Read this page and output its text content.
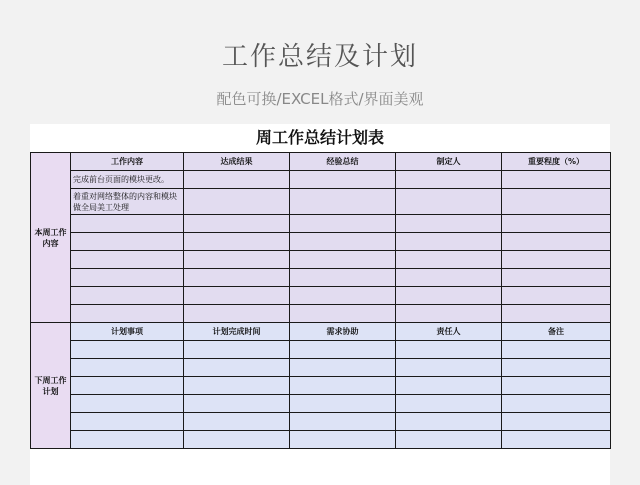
工作总结及计划
配色可换/EXCEL格式/界面美观
周工作总结计划表
本周工作内容	工作内容	达成结果	经验总结	制定人	重要程度（%）
	完成前台页面的模块更改。				
	着重对网络整体的内容和模块做全局美工处理				

下周工作计划	计划事项	计划完成时间	需求协助	责任人	备注
